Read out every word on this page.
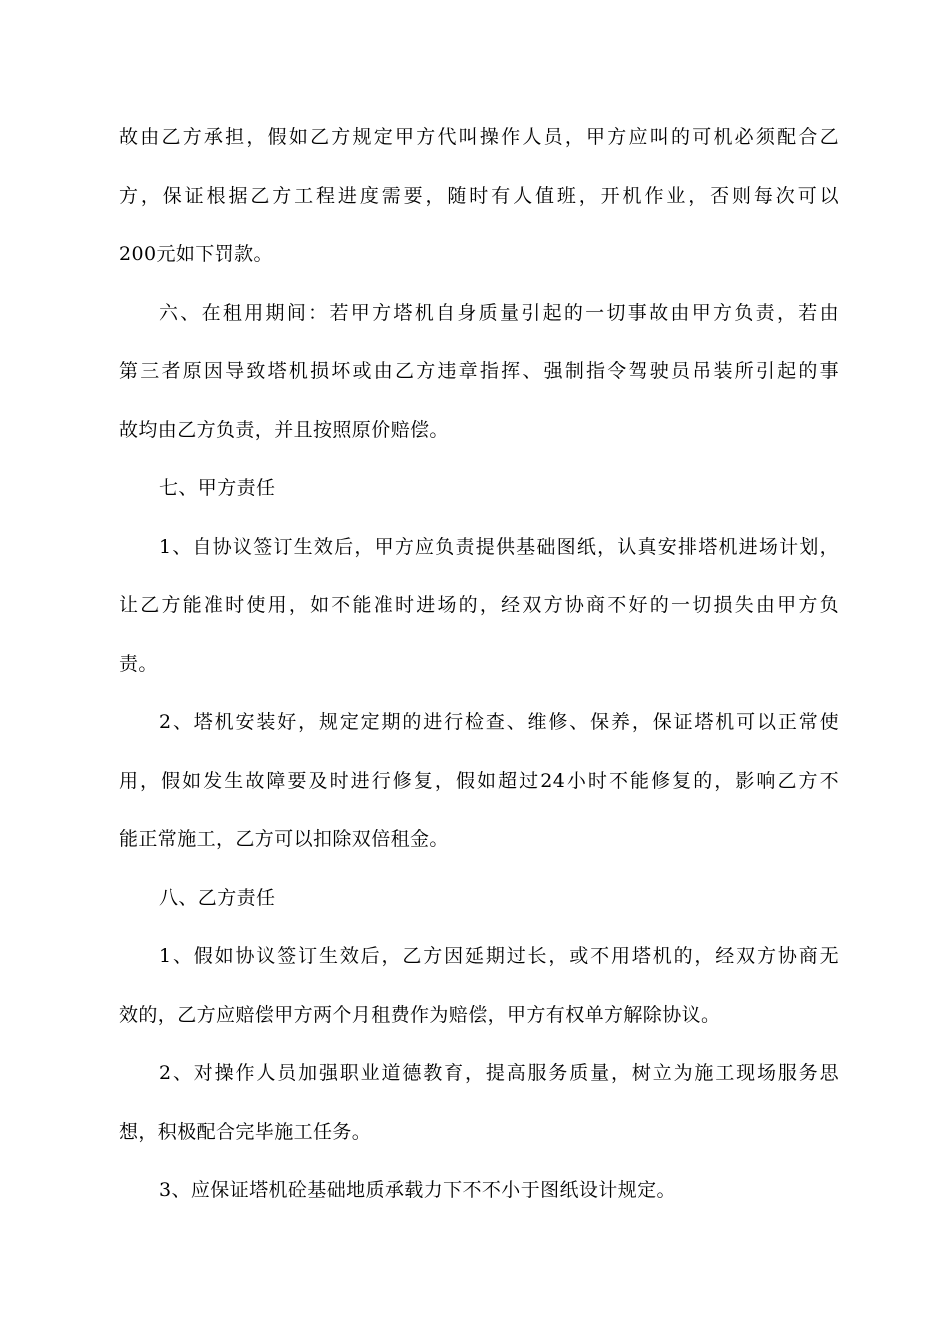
故由乙方承担，假如乙方规定甲方代叫操作人员，甲方应叫的可机必须配合乙
方，保证根据乙方工程进度需要，随时有人值班，开机作业，否则每次可以
200元如下罚款。
六、在租用期间：若甲方塔机自身质量引起的一切事故由甲方负责，若由
第三者原因导致塔机损坏或由乙方违章指挥、强制指令驾驶员吊装所引起的事
故均由乙方负责，并且按照原价赔偿。
七、甲方责任
1、自协议签订生效后，甲方应负责提供基础图纸，认真安排塔机进场计划，
让乙方能准时使用，如不能准时进场的，经双方协商不好的一切损失由甲方负
责。
2、塔机安装好，规定定期的进行检查、维修、保养，保证塔机可以正常使
用，假如发生故障要及时进行修复，假如超过24小时不能修复的，影响乙方不
能正常施工，乙方可以扣除双倍租金。
八、乙方责任
1、假如协议签订生效后，乙方因延期过长，或不用塔机的，经双方协商无
效的，乙方应赔偿甲方两个月租费作为赔偿，甲方有权单方解除协议。
2、对操作人员加强职业道德教育，提高服务质量，树立为施工现场服务思
想，积极配合完毕施工任务。
3、应保证塔机砼基础地质承载力下不不小于图纸设计规定。
